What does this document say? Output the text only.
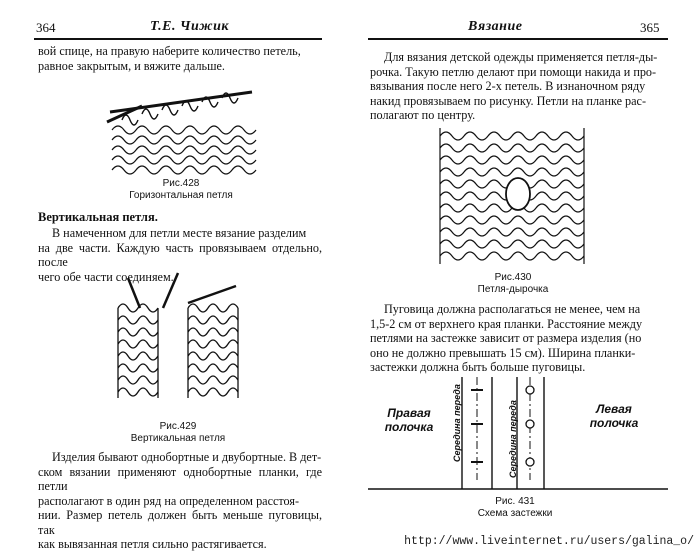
364	Т.Е. Чижик

вой спице, на правую наберите количество петель,

равное закрытым, и вяжите дальше.

Рис.428
Горизонтальная петля
Вертикальная петля.

В намеченном для петли месте вязание разделим

на две части. Каждую часть провязываем отдельно, после

чего обе части соединяем.

Рис.429
Вертикальная петля

Изделия бывают однобортные и двубортные. В дет-

ском вязании применяют однобортные планки, где петли

располагают в один ряд на определенном расстоя-

нии. Размер петель должен быть меньше пуговицы, так

как вывязанная петля сильно растягивается.

Вязание	365

Для вязания детской одежды применяется петля-ды-

рочка. Такую петлю делают при помощи накида и про-

вязывания после него 2-х петель. В изнаночном ряду

накид провязываем по рисунку. Петли на планке рас-

полагают по центру.

Рис.430
Петля-дырочка

Пуговица должна располагаться не менее, чем на

1,5-2 см от верхнего края планки. Расстояние между

петлями на застежке зависит от размера изделия (но

оно не должно превышать 15 см). Ширина планки-

застежки должна быть больше пуговицы.

Правая
полочка
Левая
полочка
Середина переда
Середина переда
Рис. 431
Схема застежки
http://www.liveinternet.ru/users/galina_o/
